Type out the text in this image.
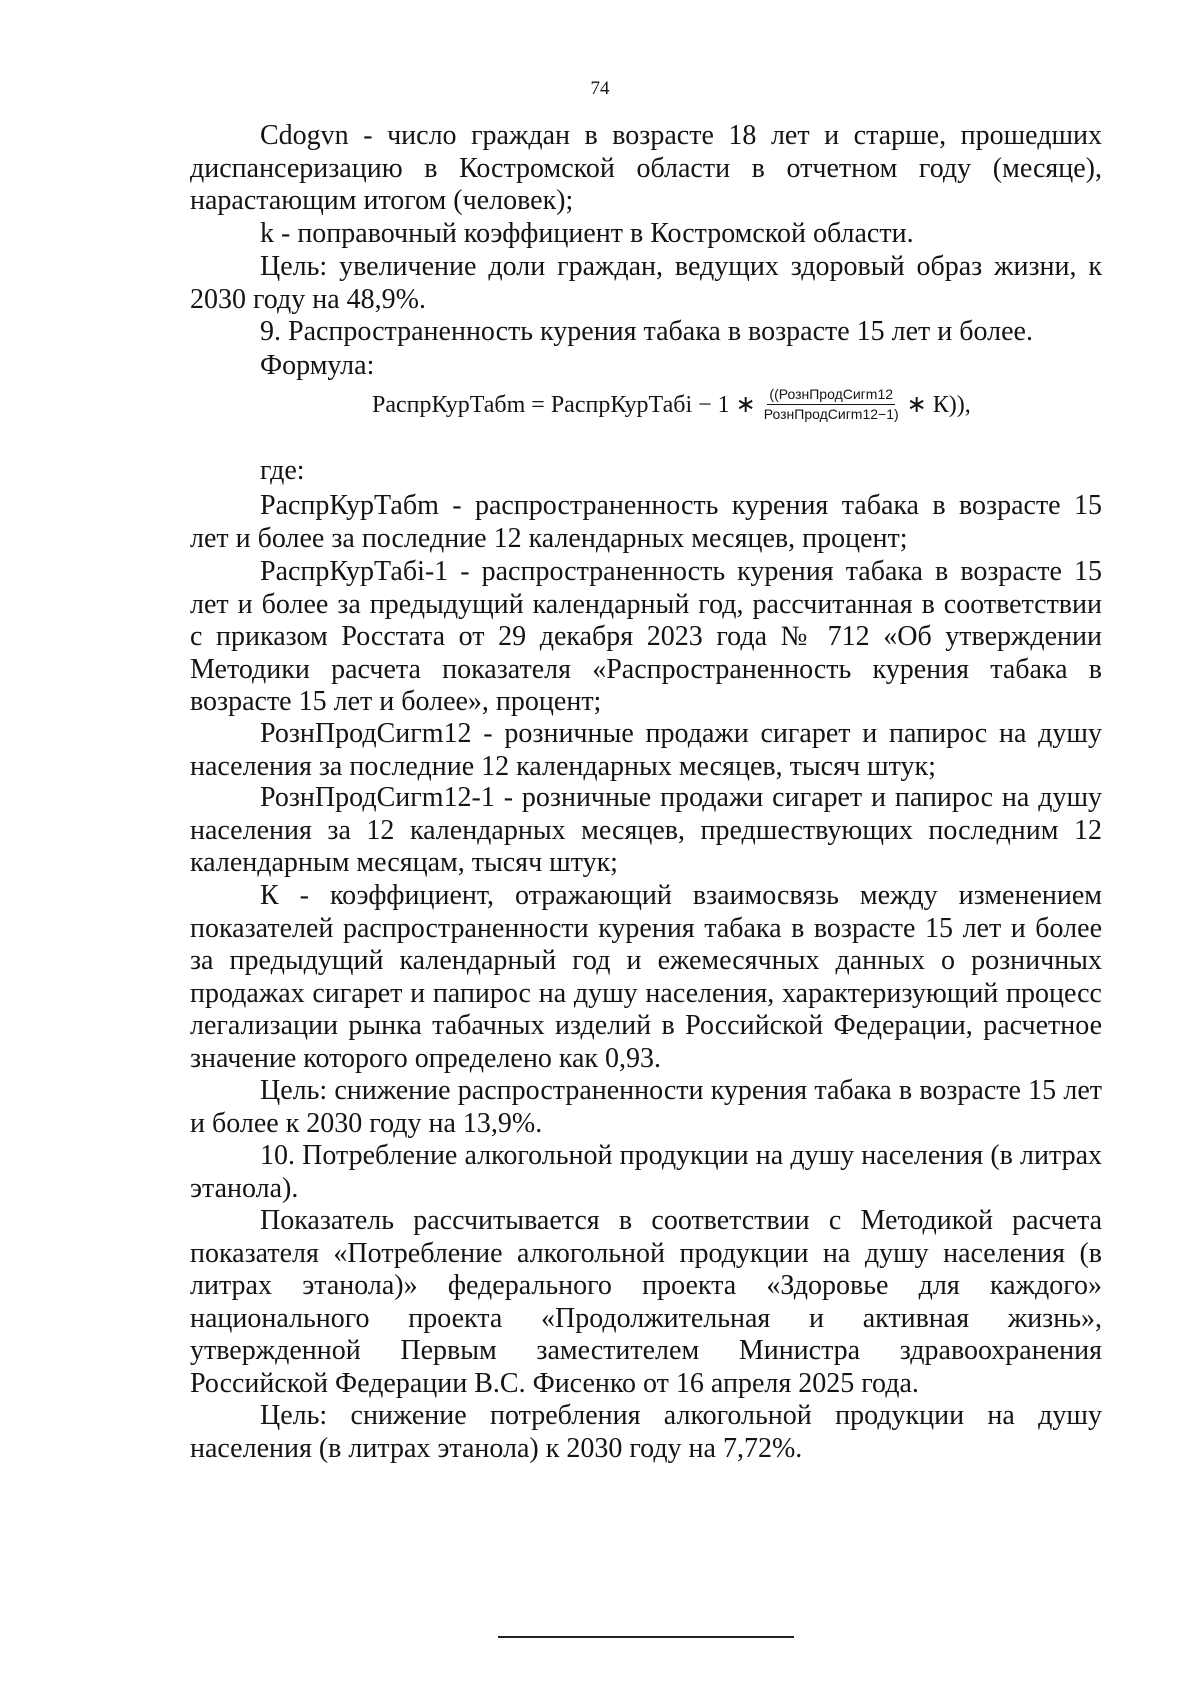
74

Cdogvn - число граждан в возрасте 18 лет и старше, прошедших диспансеризацию в Костромской области в отчетном году (месяце), нарастающим итогом (человек);

k - поправочный коэффициент в Костромской области.

Цель: увеличение доли граждан, ведущих здоровый образ жизни, к 2030 году на 48,9%.

9. Распространенность курения табака в возрасте 15 лет и более.

Формула:
РаспрКурТабm = РаспрКурТабi − 1 ∗ $\frac{\text{((РознПродСигm12}}{\text{РознПродСигm12−1)}}$ ∗ К)),
где:

РаспрКурТабm - распространенность курения табака в возрасте 15 лет и более за последние 12 календарных месяцев, процент;

РаспрКурТабi-1 - распространенность курения табака в возрасте 15 лет и более за предыдущий календарный год, рассчитанная в соответствии с приказом Росстата от 29 декабря 2023 года № 712 «Об утверждении Методики расчета показателя «Распространенность курения табака в возрасте 15 лет и более», процент;

РознПродСигm12 - розничные продажи сигарет и папирос на душу населения за последние 12 календарных месяцев, тысяч штук;

РознПродСигm12-1 - розничные продажи сигарет и папирос на душу населения за 12 календарных месяцев, предшествующих последним 12 календарным месяцам, тысяч штук;

К - коэффициент, отражающий взаимосвязь между изменением показателей распространенности курения табака в возрасте 15 лет и более за предыдущий календарный год и ежемесячных данных о розничных продажах сигарет и папирос на душу населения, характеризующий процесс легализации рынка табачных изделий в Российской Федерации, расчетное значение которого определено как 0,93.

Цель: снижение распространенности курения табака в возрасте 15 лет и более к 2030 году на 13,9%.

10. Потребление алкогольной продукции на душу населения (в литрах этанола).

Показатель рассчитывается в соответствии с Методикой расчета показателя «Потребление алкогольной продукции на душу населения (в литрах этанола)» федерального проекта «Здоровье для каждого» национального проекта «Продолжительная и активная жизнь», утвержденной Первым заместителем Министра здравоохранения Российской Федерации В.С. Фисенко от 16 апреля 2025 года.

Цель: снижение потребления алкогольной продукции на душу населения (в литрах этанола) к 2030 году на 7,72%.
